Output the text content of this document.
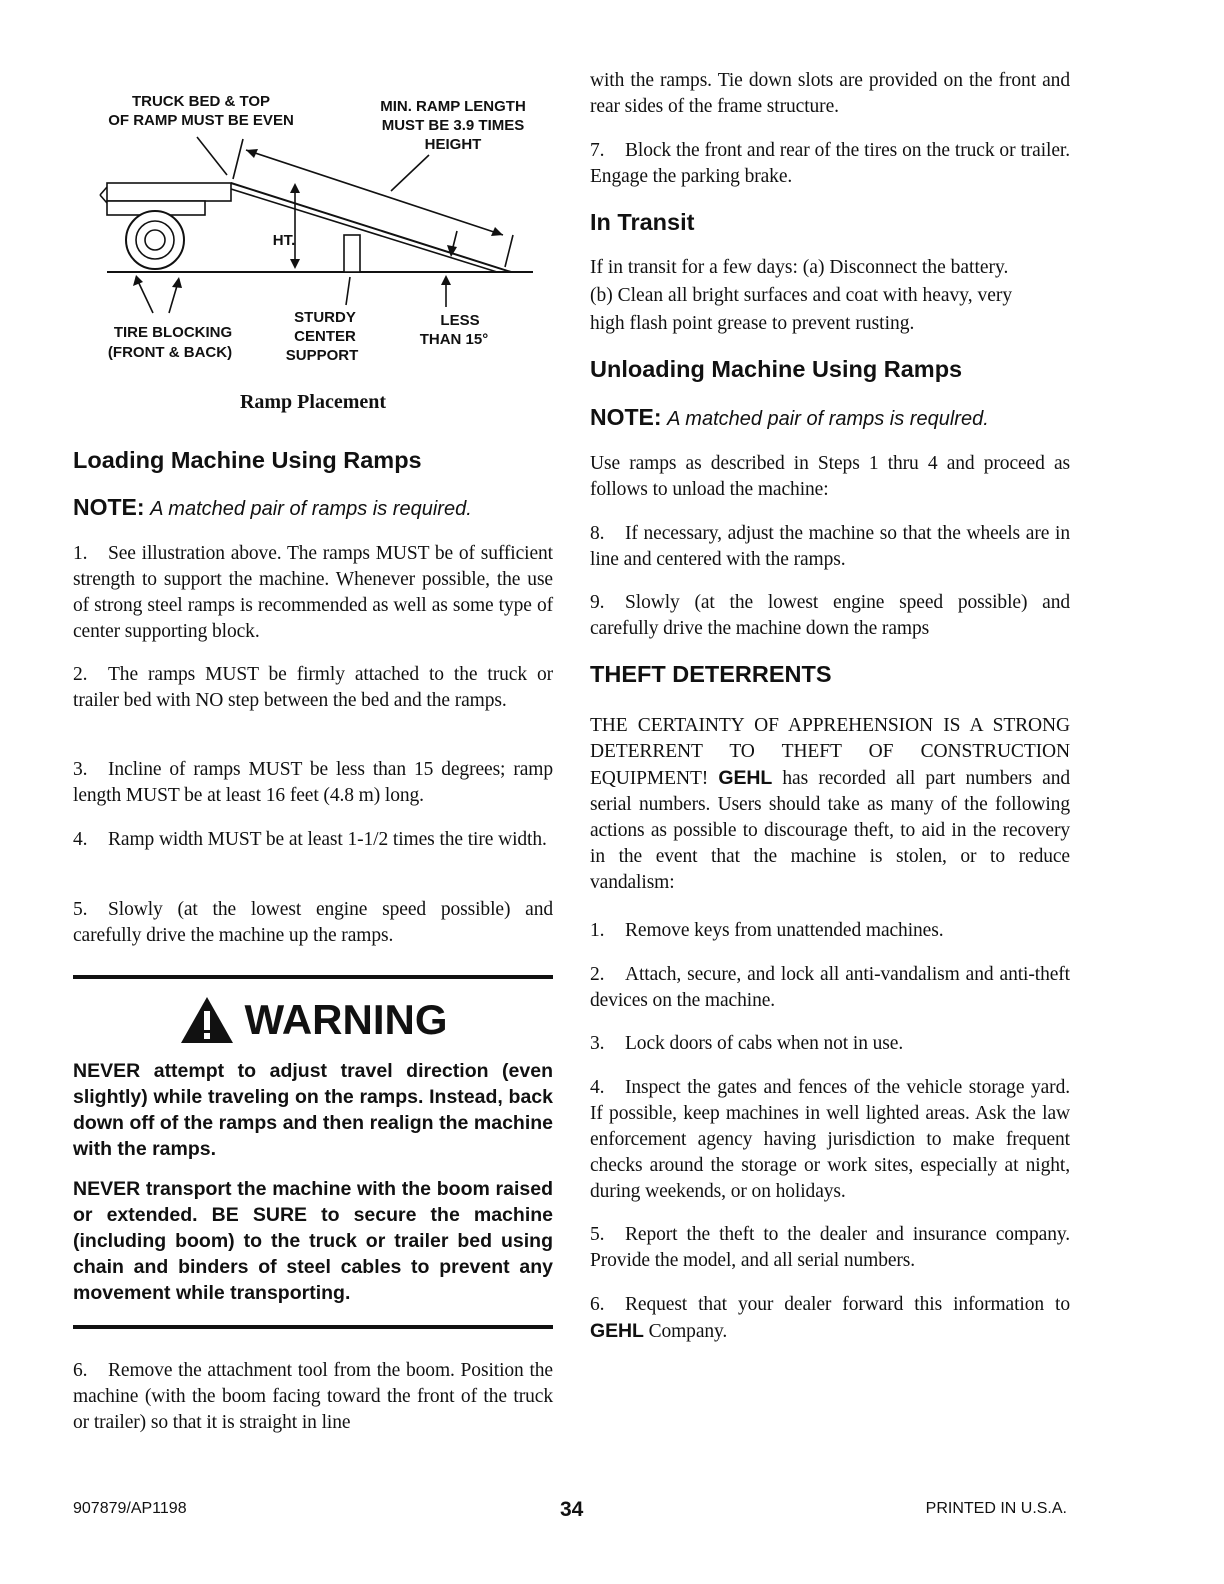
TRUCK BED & TOP
OF RAMP MUST BE EVEN
MIN. RAMP LENGTH
MUST BE 3.9 TIMES
HEIGHT
HT.
TIRE BLOCKING
(FRONT & BACK)
STURDY
CENTER
SUPPORT
LESS
THAN 15°
Ramp Placement
Loading Machine Using Ramps
NOTE: A matched pair of ramps is required.

1. See illustration above. The ramps MUST be of sufficient strength to support the machine. Whenever possible, the use of strong steel ramps is recommended as well as some type of center supporting block.

2. The ramps MUST be firmly attached to the truck or trailer bed with NO step between the bed and the ramps.

3. Incline of ramps MUST be less than 15 degrees; ramp length MUST be at least 16 feet (4.8 m) long.

4. Ramp width MUST be at least 1-1/2 times the tire width.

5. Slowly (at the lowest engine speed possible) and carefully drive the machine up the ramps.

WARNING

NEVER attempt to adjust travel direction (even slightly) while traveling on the ramps. Instead, back down off of the ramps and then realign the machine with the ramps.

NEVER transport the machine with the boom raised or extended. BE SURE to secure the machine (including boom) to the truck or trailer bed using chain and binders of steel cables to prevent any movement while transporting.

6. Remove the attachment tool from the boom. Position the machine (with the boom facing toward the front of the truck or trailer) so that it is straight in line

with the ramps. Tie down slots are provided on the front and rear sides of the frame structure.

7. Block the front and rear of the tires on the truck or trailer. Engage the parking brake.

In Transit
If in transit for a few days: (a) Disconnect the battery.
(b) Clean all bright surfaces and coat with heavy, very
high flash point grease to prevent rusting.
Unloading Machine Using Ramps
NOTE: A matched pair of ramps is requlred.

Use ramps as described in Steps 1 thru 4 and proceed as follows to unload the machine:

8. If necessary, adjust the machine so that the wheels are in line and centered with the ramps.

9. Slowly (at the lowest engine speed possible) and carefully drive the machine down the ramps

THEFT DETERRENTS

THE CERTAINTY OF APPREHENSION IS A STRONG DETERRENT TO THEFT OF CONSTRUCTION EQUIPMENT! GEHL has recorded all part numbers and serial numbers. Users should take as many of the following actions as possible to discourage theft, to aid in the recovery in the event that the machine is stolen, or to reduce vandalism:

1. Remove keys from unattended machines.

2. Attach, secure, and lock all anti-vandalism and anti-theft devices on the machine.

3. Lock doors of cabs when not in use.

4. Inspect the gates and fences of the vehicle storage yard. If possible, keep machines in well lighted areas. Ask the law enforcement agency having jurisdiction to make frequent checks around the storage or work sites, especially at night, during weekends, or on holidays.

5. Report the theft to the dealer and insurance company. Provide the model, and all serial numbers.

6. Request that your dealer forward this information to GEHL Company.

907879/AP1198	34	PRINTED IN U.S.A.
